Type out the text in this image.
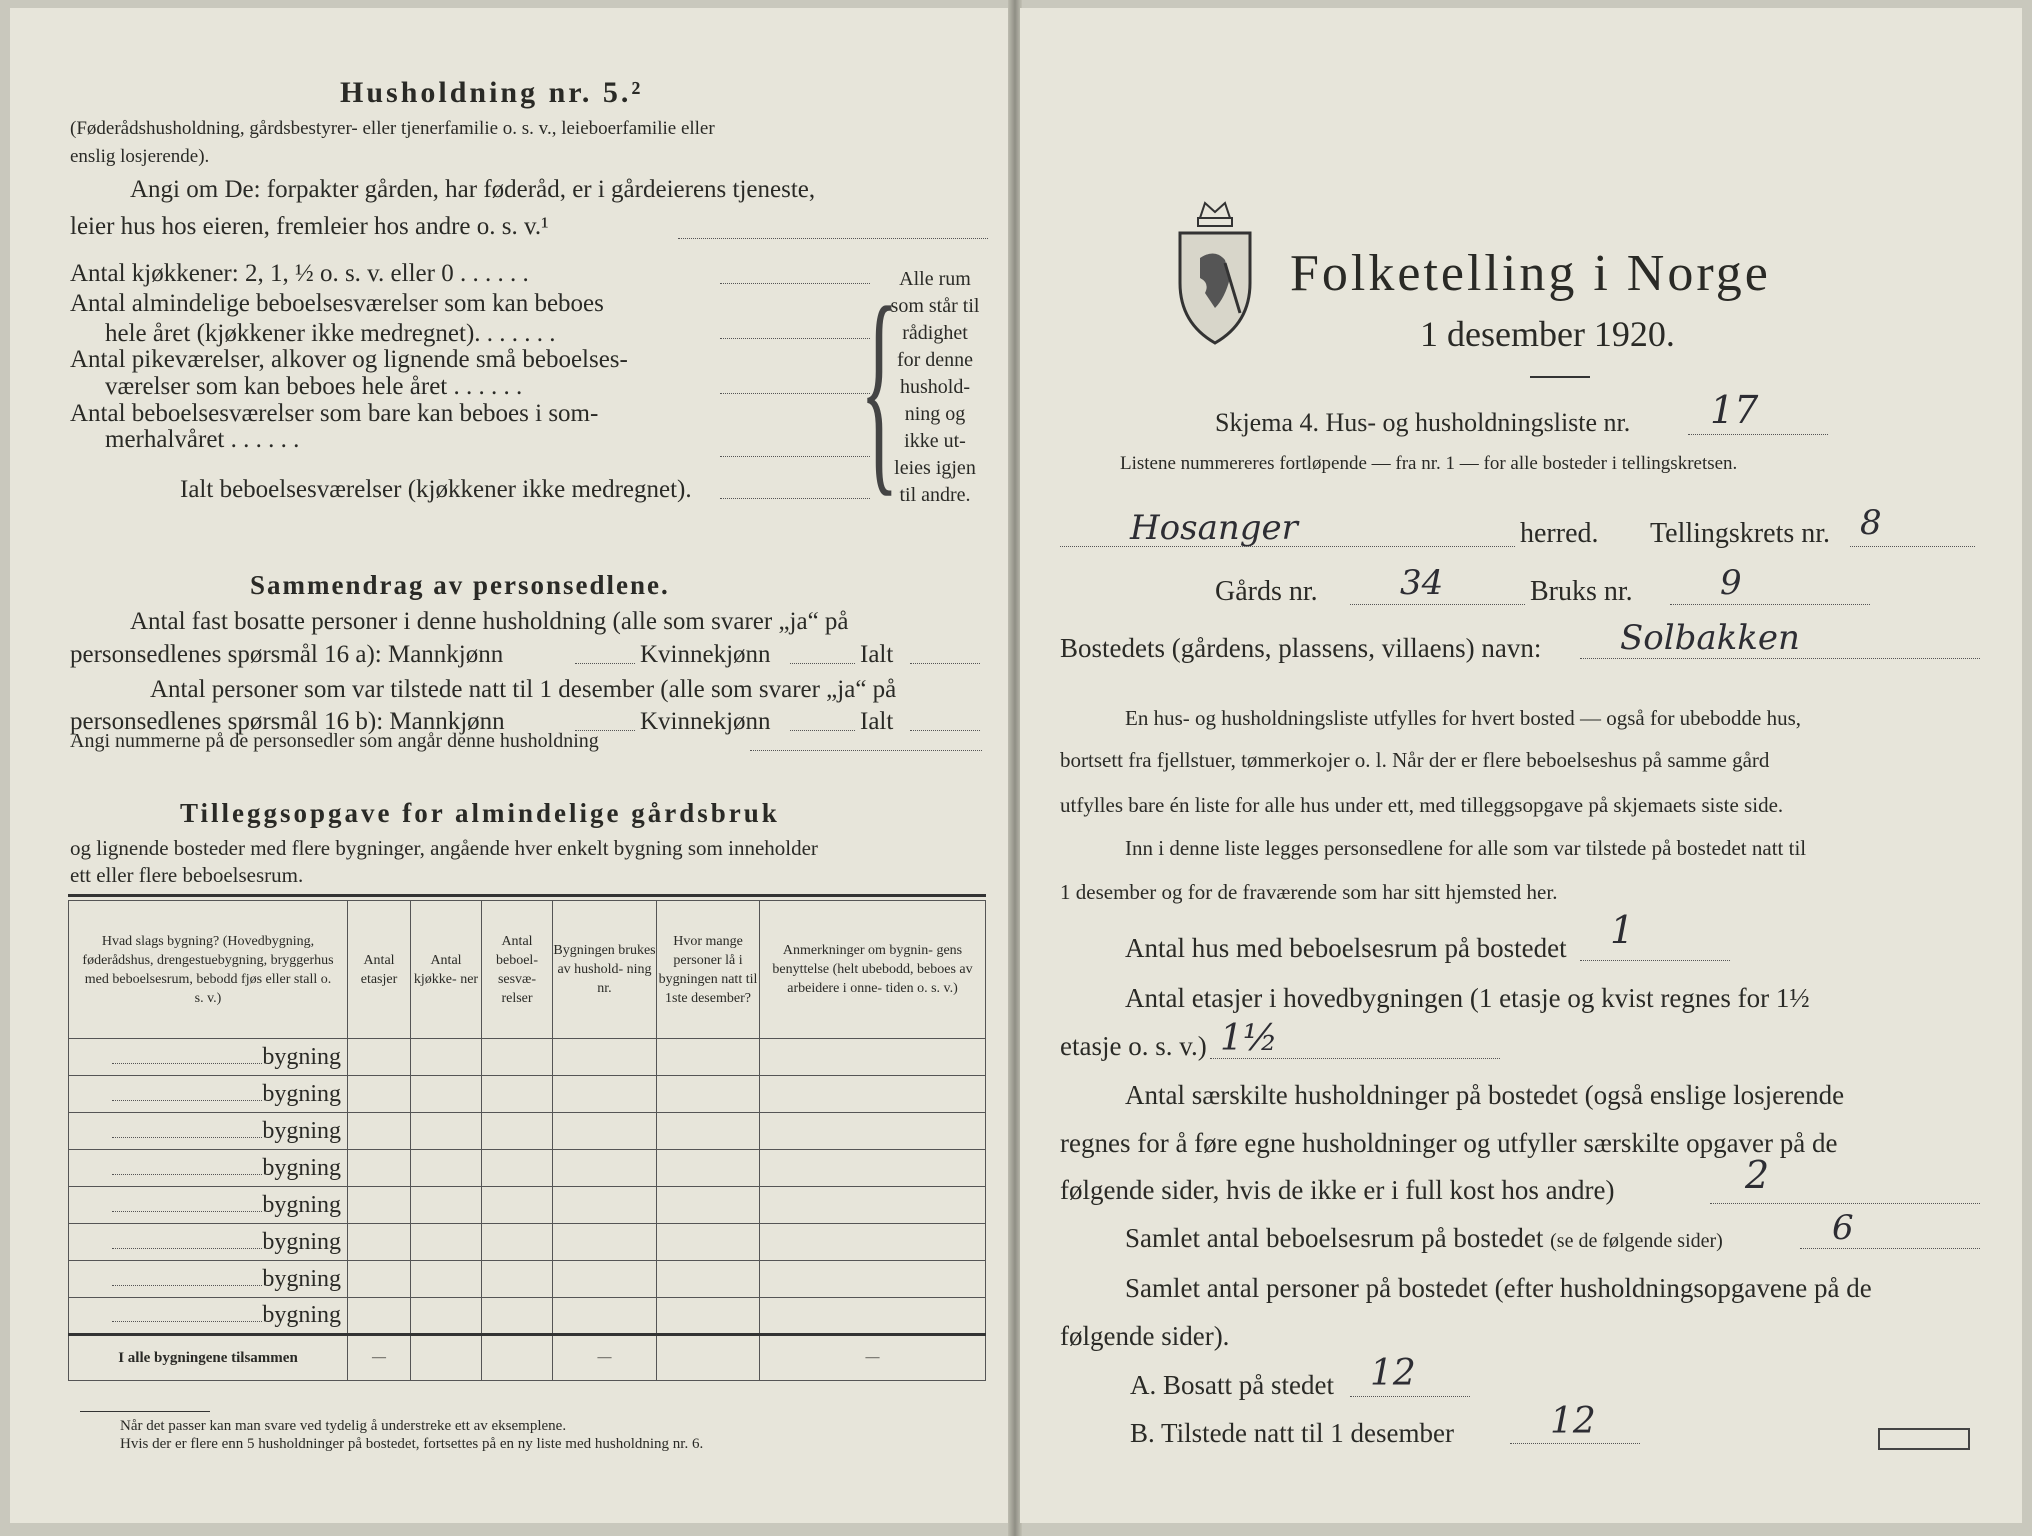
Husholdning nr. 5.²
(Føderådshusholdning, gårdsbestyrer- eller tjenerfamilie o. s. v., leieboerfamilie eller
enslig losjerende).
Angi om De: forpakter gården, har føderåd, er i gårdeierens tjeneste,
leier hus hos eieren, fremleier hos andre o. s. v.¹
Antal kjøkkener: 2, 1, ½ o. s. v. eller 0 . . . . . .
Antal almindelige beboelsesværelser som kan beboes
hele året (kjøkkener ikke medregnet). . . . . . .
Antal pikeværelser, alkover og lignende små beboelses-
værelser som kan beboes hele året . . . . . .
Antal beboelsesværelser som bare kan beboes i som-
merhalvåret . . . . . .
Ialt beboelsesværelser (kjøkkener ikke medregnet). { Alle rum
som står til
rådighet
for denne
hushold-
ning og
ikke ut-
leies igjen
til andre.
Sammendrag av personsedlene.
Antal fast bosatte personer i denne husholdning (alle som svarer „ja“ på
personsedlenes spørsmål 16 a): Mannkjønn	Kvinnekjønn	Ialt
Antal personer som var tilstede natt til 1 desember (alle som svarer „ja“ på
personsedlenes spørsmål 16 b): Mannkjønn	Kvinnekjønn	Ialt
Angi nummerne på de personsedler som angår denne husholdning
Tilleggsopgave for almindelige gårdsbruk
og lignende bosteder med flere bygninger, angående hver enkelt bygning som inneholder
ett eller flere beboelsesrum.
Hvad slags bygning? (Hovedbygning, føderådshus, drengestuebygning, bryggerhus med beboelsesrum, bebodd fjøs eller stall o. s. v.)	Antal etasjer	Antal kjøkke- ner	Antal beboel- sesvæ- relser	Bygningen brukes av hushold- ning nr.	Hvor mange personer lå i bygningen natt til 1ste desember?	Anmerkninger om bygnin- gens benyttelse (helt ubebodd, beboes av arbeidere i onne- tiden o. s. v.)
bygning						
bygning						
bygning						
bygning						
bygning						
bygning						
bygning						
bygning						
I alle bygningene tilsammen	—			—		—
Når det passer kan man svare ved tydelig å understreke ett av eksemplene.
Hvis der er flere enn 5 husholdninger på bostedet, fortsettes på en ny liste med husholdning nr. 6.
Folketelling i Norge
1 desember 1920.
Skjema 4. Hus- og husholdningsliste nr. 17
Listene nummereres fortløpende — fra nr. 1 — for alle bosteder i tellingskretsen.
Hosanger	herred. Tellingskrets nr. 8
Gårds nr. 34	Bruks nr.	9
Bostedets (gårdens, plassens, villaens) navn: Solbakken
En hus- og husholdningsliste utfylles for hvert bosted — også for ubebodde hus,
bortsett fra fjellstuer, tømmerkojer o. l. Når der er flere beboelseshus på samme gård
utfylles bare én liste for alle hus under ett, med tilleggsopgave på skjemaets siste side.
Inn i denne liste legges personsedlene for alle som var tilstede på bostedet natt til
1 desember og for de fraværende som har sitt hjemsted her.
Antal hus med beboelsesrum på bostedet 1
Antal etasjer i hovedbygningen (1 etasje og kvist regnes for 1½
etasje o. s. v.) 1½
Antal særskilte husholdninger på bostedet (også enslige losjerende
regnes for å føre egne husholdninger og utfyller særskilte opgaver på de
følgende sider, hvis de ikke er i full kost hos andre)	2
Samlet antal beboelsesrum på bostedet (se de følgende sider)	6
Samlet antal personer på bostedet (efter husholdningsopgavene på de
følgende sider).
A. Bosatt på stedet 12
B. Tilstede natt til 1 desember	12
